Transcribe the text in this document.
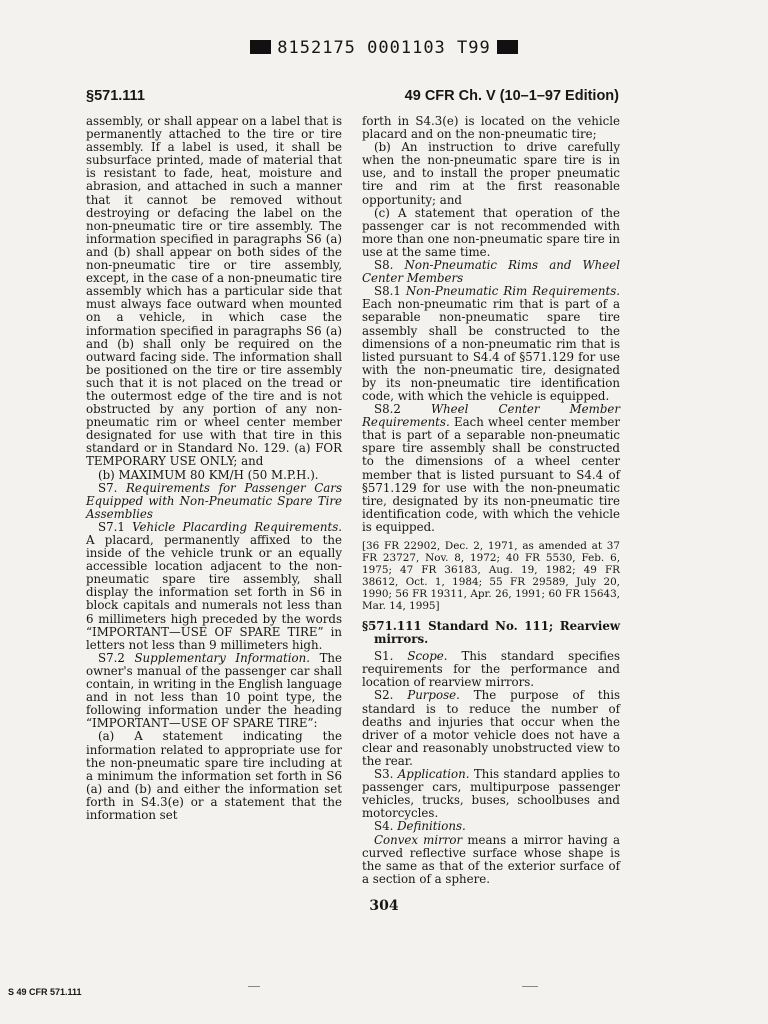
8152175 0001103 T99
§571.111	49 CFR Ch. V (10–1–97 Edition)

assembly, or shall appear on a label that is permanently attached to the tire or tire assembly. If a label is used, it shall be subsurface printed, made of material that is resistant to fade, heat, moisture and abrasion, and attached in such a manner that it cannot be removed without destroying or defacing the label on the non-pneumatic tire or tire assembly. The information specified in paragraphs S6 (a) and (b) shall appear on both sides of the non-pneumatic tire or tire assembly, except, in the case of a non-pneumatic tire assembly which has a particular side that must always face outward when mounted on a vehicle, in which case the information specified in paragraphs S6 (a) and (b) shall only be required on the outward facing side. The information shall be positioned on the tire or tire assembly such that it is not placed on the tread or the outermost edge of the tire and is not obstructed by any portion of any non-pneumatic rim or wheel center member designated for use with that tire in this standard or in Standard No. 129. (a) FOR TEMPORARY USE ONLY; and

(b) MAXIMUM 80 KM/H (50 M.P.H.).

S7. Requirements for Passenger Cars Equipped with Non-Pneumatic Spare Tire Assemblies

S7.1 Vehicle Placarding Requirements. A placard, permanently affixed to the inside of the vehicle trunk or an equally accessible location adjacent to the non-pneumatic spare tire assembly, shall display the information set forth in S6 in block capitals and numerals not less than 6 millimeters high preceded by the words “IMPORTANT—USE OF SPARE TIRE” in letters not less than 9 millimeters high.

S7.2 Supplementary Information. The owner's manual of the passenger car shall contain, in writing in the English language and in not less than 10 point type, the following information under the heading “IMPORTANT—USE OF SPARE TIRE”:

(a) A statement indicating the information related to appropriate use for the non-pneumatic spare tire including at a minimum the information set forth in S6 (a) and (b) and either the information set forth in S4.3(e) or a statement that the information set

forth in S4.3(e) is located on the vehicle placard and on the non-pneumatic tire;

(b) An instruction to drive carefully when the non-pneumatic spare tire is in use, and to install the proper pneumatic tire and rim at the first reasonable opportunity; and

(c) A statement that operation of the passenger car is not recommended with more than one non-pneumatic spare tire in use at the same time.

S8. Non-Pneumatic Rims and Wheel Center Members

S8.1 Non-Pneumatic Rim Requirements. Each non-pneumatic rim that is part of a separable non-pneumatic spare tire assembly shall be constructed to the dimensions of a non-pneumatic rim that is listed pursuant to S4.4 of §571.129 for use with the non-pneumatic tire, designated by its non-pneumatic tire identification code, with which the vehicle is equipped.

S8.2	Wheel Center Member Requirements. Each wheel center member that is part of a separable non-pneumatic spare tire assembly shall be constructed to the dimensions of a wheel center member that is listed pursuant to S4.4 of §571.129 for use with the non-pneumatic tire, designated by its non-pneumatic tire identification code, with which the vehicle is equipped.

[36 FR 22902, Dec. 2, 1971, as amended at 37 FR 23727, Nov. 8, 1972; 40 FR 5530, Feb. 6, 1975; 47 FR 36183, Aug. 19, 1982; 49 FR 38612, Oct. 1, 1984; 55 FR 29589, July 20, 1990; 56 FR 19311, Apr. 26, 1991; 60 FR 15643, Mar. 14, 1995]

§571.111 Standard No. 111; Rearview mirrors.

S1. Scope. This standard specifies requirements for the performance and location of rearview mirrors.

S2. Purpose. The purpose of this standard is to reduce the number of deaths and injuries that occur when the driver of a motor vehicle does not have a clear and reasonably unobstructed view to the rear.

S3. Application. This standard applies to passenger cars, multipurpose passenger vehicles, trucks, buses, schoolbuses and motorcycles.

S4. Definitions.

Convex mirror means a mirror having a curved reflective surface whose shape is the same as that of the exterior surface of a section of a sphere.

304
S 49 CFR 571.111
